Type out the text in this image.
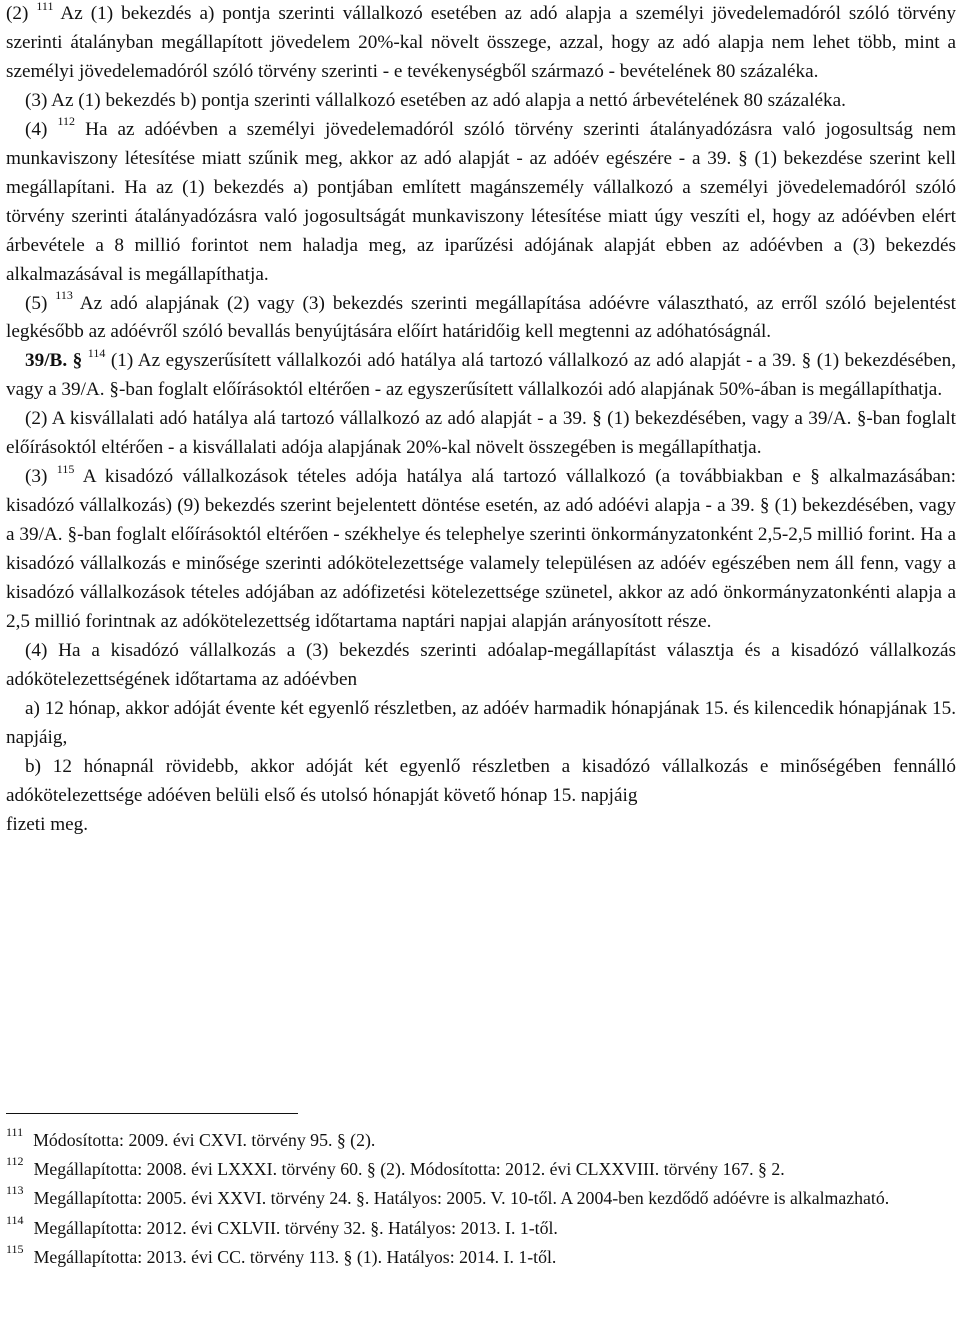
(2) $^{111}$ Az (1) bekezdés a) pontja szerinti vállalkozó esetében az adó alapja a személyi jövedelemadóról szóló törvény szerinti átalányban megállapított jövedelem 20%-kal növelt összege, azzal, hogy az adó alapja nem lehet több, mint a személyi jövedelemadóról szóló törvény szerinti - e tevékenységből származó - bevételének 80 százaléka.

(3) Az (1) bekezdés b) pontja szerinti vállalkozó esetében az adó alapja a nettó árbevételének 80 százaléka.

(4) $^{112}$ Ha az adóévben a személyi jövedelemadóról szóló törvény szerinti átalányadózásra való jogosultság nem munkaviszony létesítése miatt szűnik meg, akkor az adó alapját - az adóév egészére - a 39. § (1) bekezdése szerint kell megállapítani. Ha az (1) bekezdés a) pontjában említett magánszemély vállalkozó a személyi jövedelemadóról szóló törvény szerinti átalányadózásra való jogosultságát munkaviszony létesítése miatt úgy veszíti el, hogy az adóévben elért árbevétele a 8 millió forintot nem haladja meg, az iparűzési adójának alapját ebben az adóévben a (3) bekezdés alkalmazásával is megállapíthatja.

(5) $^{113}$ Az adó alapjának (2) vagy (3) bekezdés szerinti megállapítása adóévre választható, az erről szóló bejelentést legkésőbb az adóévről szóló bevallás benyújtására előírt határidőig kell megtenni az adóhatóságnál.

39/B. § $^{114}$ (1) Az egyszerűsített vállalkozói adó hatálya alá tartozó vállalkozó az adó alapját - a 39. § (1) bekezdésében, vagy a 39/A. §-ban foglalt előírásoktól eltérően - az egyszerűsített vállalkozói adó alapjának 50%-ában is megállapíthatja.

(2) A kisvállalati adó hatálya alá tartozó vállalkozó az adó alapját - a 39. § (1) bekezdésében, vagy a 39/A. §-ban foglalt előírásoktól eltérően - a kisvállalati adója alapjának 20%-kal növelt összegében is megállapíthatja.

(3) $^{115}$ A kisadózó vállalkozások tételes adója hatálya alá tartozó vállalkozó (a továbbiakban e § alkalmazásában: kisadózó vállalkozás) (9) bekezdés szerint bejelentett döntése esetén, az adó adóévi alapja - a 39. § (1) bekezdésében, vagy a 39/A. §-ban foglalt előírásoktól eltérően - székhelye és telephelye szerinti önkormányzatonként 2,5-2,5 millió forint. Ha a kisadózó vállalkozás e minősége szerinti adókötelezettsége valamely településen az adóév egészében nem áll fenn, vagy a kisadózó vállalkozások tételes adójában az adófizetési kötelezettsége szünetel, akkor az adó önkormányzatonkénti alapja a 2,5 millió forintnak az adókötelezettség időtartama naptári napjai alapján arányosított része.

(4) Ha a kisadózó vállalkozás a (3) bekezdés szerinti adóalap-megállapítást választja és a kisadózó vállalkozás adókötelezettségének időtartama az adóévben

a) 12 hónap, akkor adóját évente két egyenlő részletben, az adóév harmadik hónapjának 15. és kilencedik hónapjának 15. napjáig,

b) 12 hónapnál rövidebb, akkor adóját két egyenlő részletben a kisadózó vállalkozás e minőségében fennálló adókötelezettsége adóéven belüli első és utolsó hónapját követő hónap 15. napjáig

fizeti meg.

$^{111}$ Módosította: 2009. évi CXVI. törvény 95. § (2).

$^{112}$ Megállapította: 2008. évi LXXXI. törvény 60. § (2). Módosította: 2012. évi CLXXVIII. törvény 167. § 2.

$^{113}$ Megállapította: 2005. évi XXVI. törvény 24. §. Hatályos: 2005. V. 10-től. A 2004-ben kezdődő adóévre is alkalmazható.

$^{114}$ Megállapította: 2012. évi CXLVII. törvény 32. §. Hatályos: 2013. I. 1-től.

$^{115}$ Megállapította: 2013. évi CC. törvény 113. § (1). Hatályos: 2014. I. 1-től.
